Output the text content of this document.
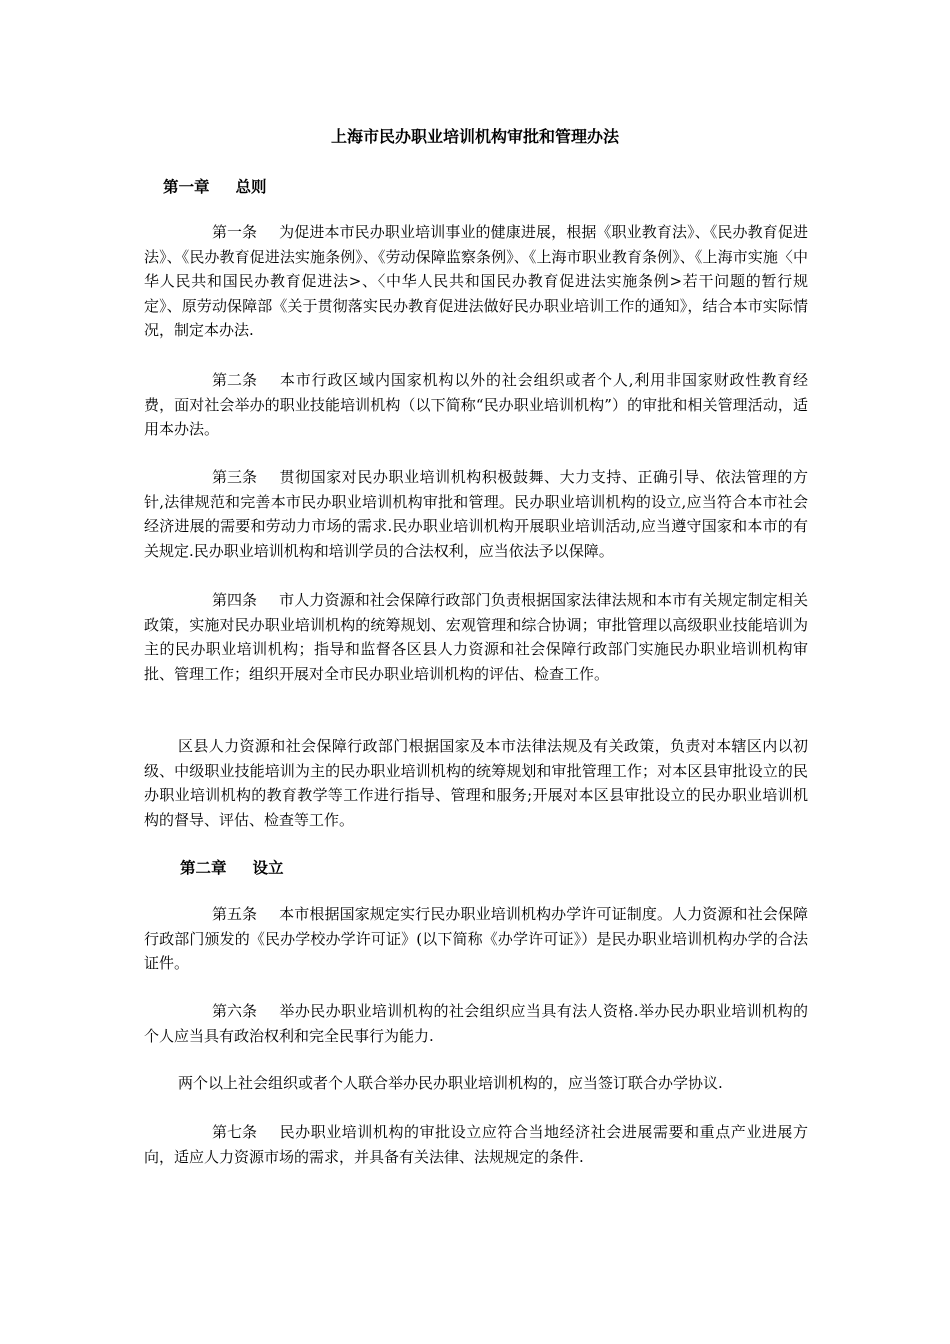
上海市民办职业培训机构审批和管理办法
第一章 总则

第一条 为促进本市民办职业培训事业的健康进展，根据《职业教育法》、《民办教育促进法》、《民办教育促进法实施条例》、《劳动保障监察条例》、《上海市职业教育条例》、《上海市实施〈中华人民共和国民办教育促进法>、〈中华人民共和国民办教育促进法实施条例>若干问题的暂行规定》、原劳动保障部《关于贯彻落实民办教育促进法做好民办职业培训工作的通知》，结合本市实际情况，制定本办法.

第二条 本市行政区域内国家机构以外的社会组织或者个人,利用非国家财政性教育经费，面对社会举办的职业技能培训机构（以下简称“民办职业培训机构”）的审批和相关管理活动，适用本办法。

第三条 贯彻国家对民办职业培训机构积极鼓舞、大力支持、正确引导、依法管理的方针,法律规范和完善本市民办职业培训机构审批和管理。民办职业培训机构的设立,应当符合本市社会经济进展的需要和劳动力市场的需求.民办职业培训机构开展职业培训活动,应当遵守国家和本市的有关规定.民办职业培训机构和培训学员的合法权利，应当依法予以保障。

第四条 市人力资源和社会保障行政部门负责根据国家法律法规和本市有关规定制定相关政策，实施对民办职业培训机构的统筹规划、宏观管理和综合协调；审批管理以高级职业技能培训为主的民办职业培训机构；指导和监督各区县人力资源和社会保障行政部门实施民办职业培训机构审批、管理工作；组织开展对全市民办职业培训机构的评估、检查工作。

区县人力资源和社会保障行政部门根据国家及本市法律法规及有关政策，负责对本辖区内以初级、中级职业技能培训为主的民办职业培训机构的统筹规划和审批管理工作；对本区县审批设立的民办职业培训机构的教育教学等工作进行指导、管理和服务;开展对本区县审批设立的民办职业培训机构的督导、评估、检查等工作。

第二章 设立

第五条 本市根据国家规定实行民办职业培训机构办学许可证制度。人力资源和社会保障行政部门颁发的《民办学校办学许可证》(以下简称《办学许可证》）是民办职业培训机构办学的合法证件。

第六条 举办民办职业培训机构的社会组织应当具有法人资格.举办民办职业培训机构的个人应当具有政治权利和完全民事行为能力.

两个以上社会组织或者个人联合举办民办职业培训机构的，应当签订联合办学协议.

第七条 民办职业培训机构的审批设立应符合当地经济社会进展需要和重点产业进展方向，适应人力资源市场的需求，并具备有关法律、法规规定的条件.
